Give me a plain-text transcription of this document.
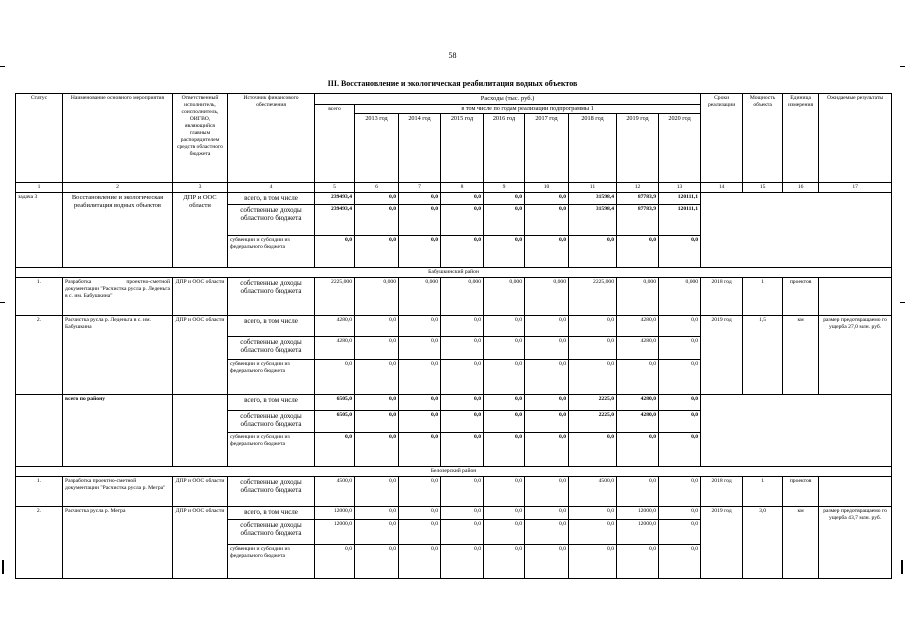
58
III. Восстановление и экологическая реабилитация водных объектов
Статус	Наименование основного мероприятия	Ответственный исполнитель, соисполнитель, ОИГВО, являющийся главным распорядителем средств областного бюджета	Источник финансового обеспечения	Расходы (тыс. руб.)									Сроки реализации	Мощность объекта	Единица измерения	Ожидаемые результаты
				всего	в том числе по годам реализации подпрограммы 1											
					2013 год	2014 год	2015 год	2016 год	2017 год	2018 год	2019 год	2020 год				
1	2	3	4	5	6	7	8	9	10	11	12	13	14	15	16	17
задача 3	Восстановление и экологическая реабилитация водных объектов	ДПР и ООС области	всего, в том числе	239493,4	0,0	0,0	0,0	0,0	0,0	31598,4	87783,9	120111,1				
			собственные доходы областного бюджета	239493,4	0,0	0,0	0,0	0,0	0,0	31598,4	87783,9	120111,1				
			субвенции и субсидии из федерального бюджета	0,0	0,0	0,0	0,0	0,0	0,0	0,0	0,0	0,0				
Бабушкинский район																
1.	Разработка проектно-сметной документации "Расчистка русла р. Леденьга в с. им. Бабушкина"	ДПР и ООС области	собственные доходы областного бюджета	2225,000	0,000	0,000	0,000	0,000	0,000	2225,000	0,000	0,000	2018 год	1	проектов	
2.	Расчистка русла р. Леденьга в с. им. Бабушкина	ДПР и ООС области	всего, в том числе	4280,0	0,0	0,0	0,0	0,0	0,0	0,0	4280,0	0,0	2019 год	1,5	км	размер предотвращаемо го ущерба 27,0 млн. руб.
			собственные доходы областного бюджета	4280,0	0,0	0,0	0,0	0,0	0,0	0,0	4280,0	0,0				
			субвенции и субсидии из федерального бюджета	0,0	0,0	0,0	0,0	0,0	0,0	0,0	0,0	0,0				
	всего по району		всего, в том числе	6505,0	0,0	0,0	0,0	0,0	0,0	2225,0	4280,0	0,0				
			собственные доходы областного бюджета	6505,0	0,0	0,0	0,0	0,0	0,0	2225,0	4280,0	0,0				
			субвенции и субсидии из федерального бюджета	0,0	0,0	0,0	0,0	0,0	0,0	0,0	0,0	0,0				
Белозерский район																
1.	Разработка проектно-сметной документации "Расчистка русла р. Мегра"	ДПР и ООС области	собственные доходы областного бюджета	4500,0	0,0	0,0	0,0	0,0	0,0	4500,0	0,0	0,0	2018 год	1	проектов	
2.	Расчистка русла р. Мегра	ДПР и ООС области	всего, в том числе	12000,0	0,0	0,0	0,0	0,0	0,0	0,0	12000,0	0,0	2019 год	3,0	км	размер предотвращаемо го ущерба 43,7 млн. руб.
			собственные доходы областного бюджета	12000,0	0,0	0,0	0,0	0,0	0,0	0,0	12000,0	0,0				
			субвенции и субсидии из федерального бюджета	0,0	0,0	0,0	0,0	0,0	0,0	0,0	0,0	0,0				
